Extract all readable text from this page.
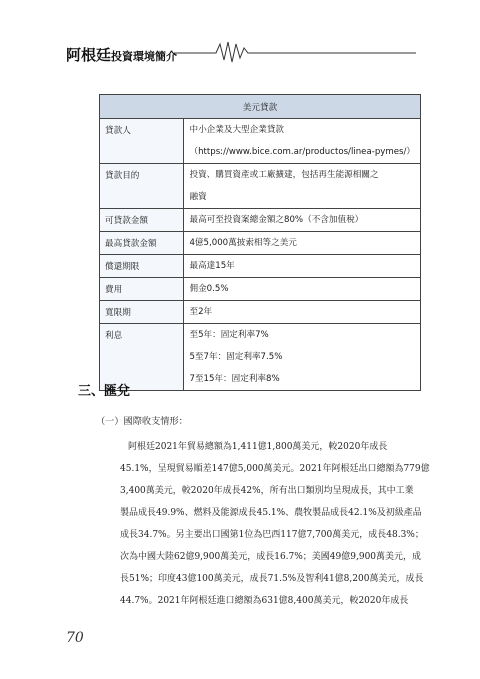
阿根廷投資環境簡介
美元貸款	
貸款人	中小企業及大型企業貸款
（https://www.bice.com.ar/productos/linea-pymes/）

貸款目的	投資、購買資產或工廠擴建，包括再生能源相關之
融資

可貸款金額	最高可至投資案總金額之80%（不含加值稅）

最高貸款金額	4億5,000萬披索相等之美元

償還期限	最高達15年

費用	佣金0.5%

寬限期	至2年

利息	至5年：固定利率7%
5至7年：固定利率7.5%
7至15年：固定利率8%
三、匯兌
（一）國際收支情形：
阿根廷2021年貿易總額為1,411億1,800萬美元，較2020年成長
45.1%，呈現貿易順差147億5,000萬美元。2021年阿根廷出口總額為779億
3,400萬美元，較2020年成長42%，所有出口類別均呈現成長，其中工業
製品成長49.9%、燃料及能源成長45.1%、農牧製品成長42.1%及初級產品
成長34.7%。另主要出口國第1位為巴西117億7,700萬美元，成長48.3%；
次為中國大陸62億9,900萬美元，成長16.7%；美國49億9,900萬美元，成
長51%；印度43億100萬美元，成長71.5%及智利41億8,200萬美元，成長
44.7%。2021年阿根廷進口總額為631億8,400萬美元，較2020年成長
70
